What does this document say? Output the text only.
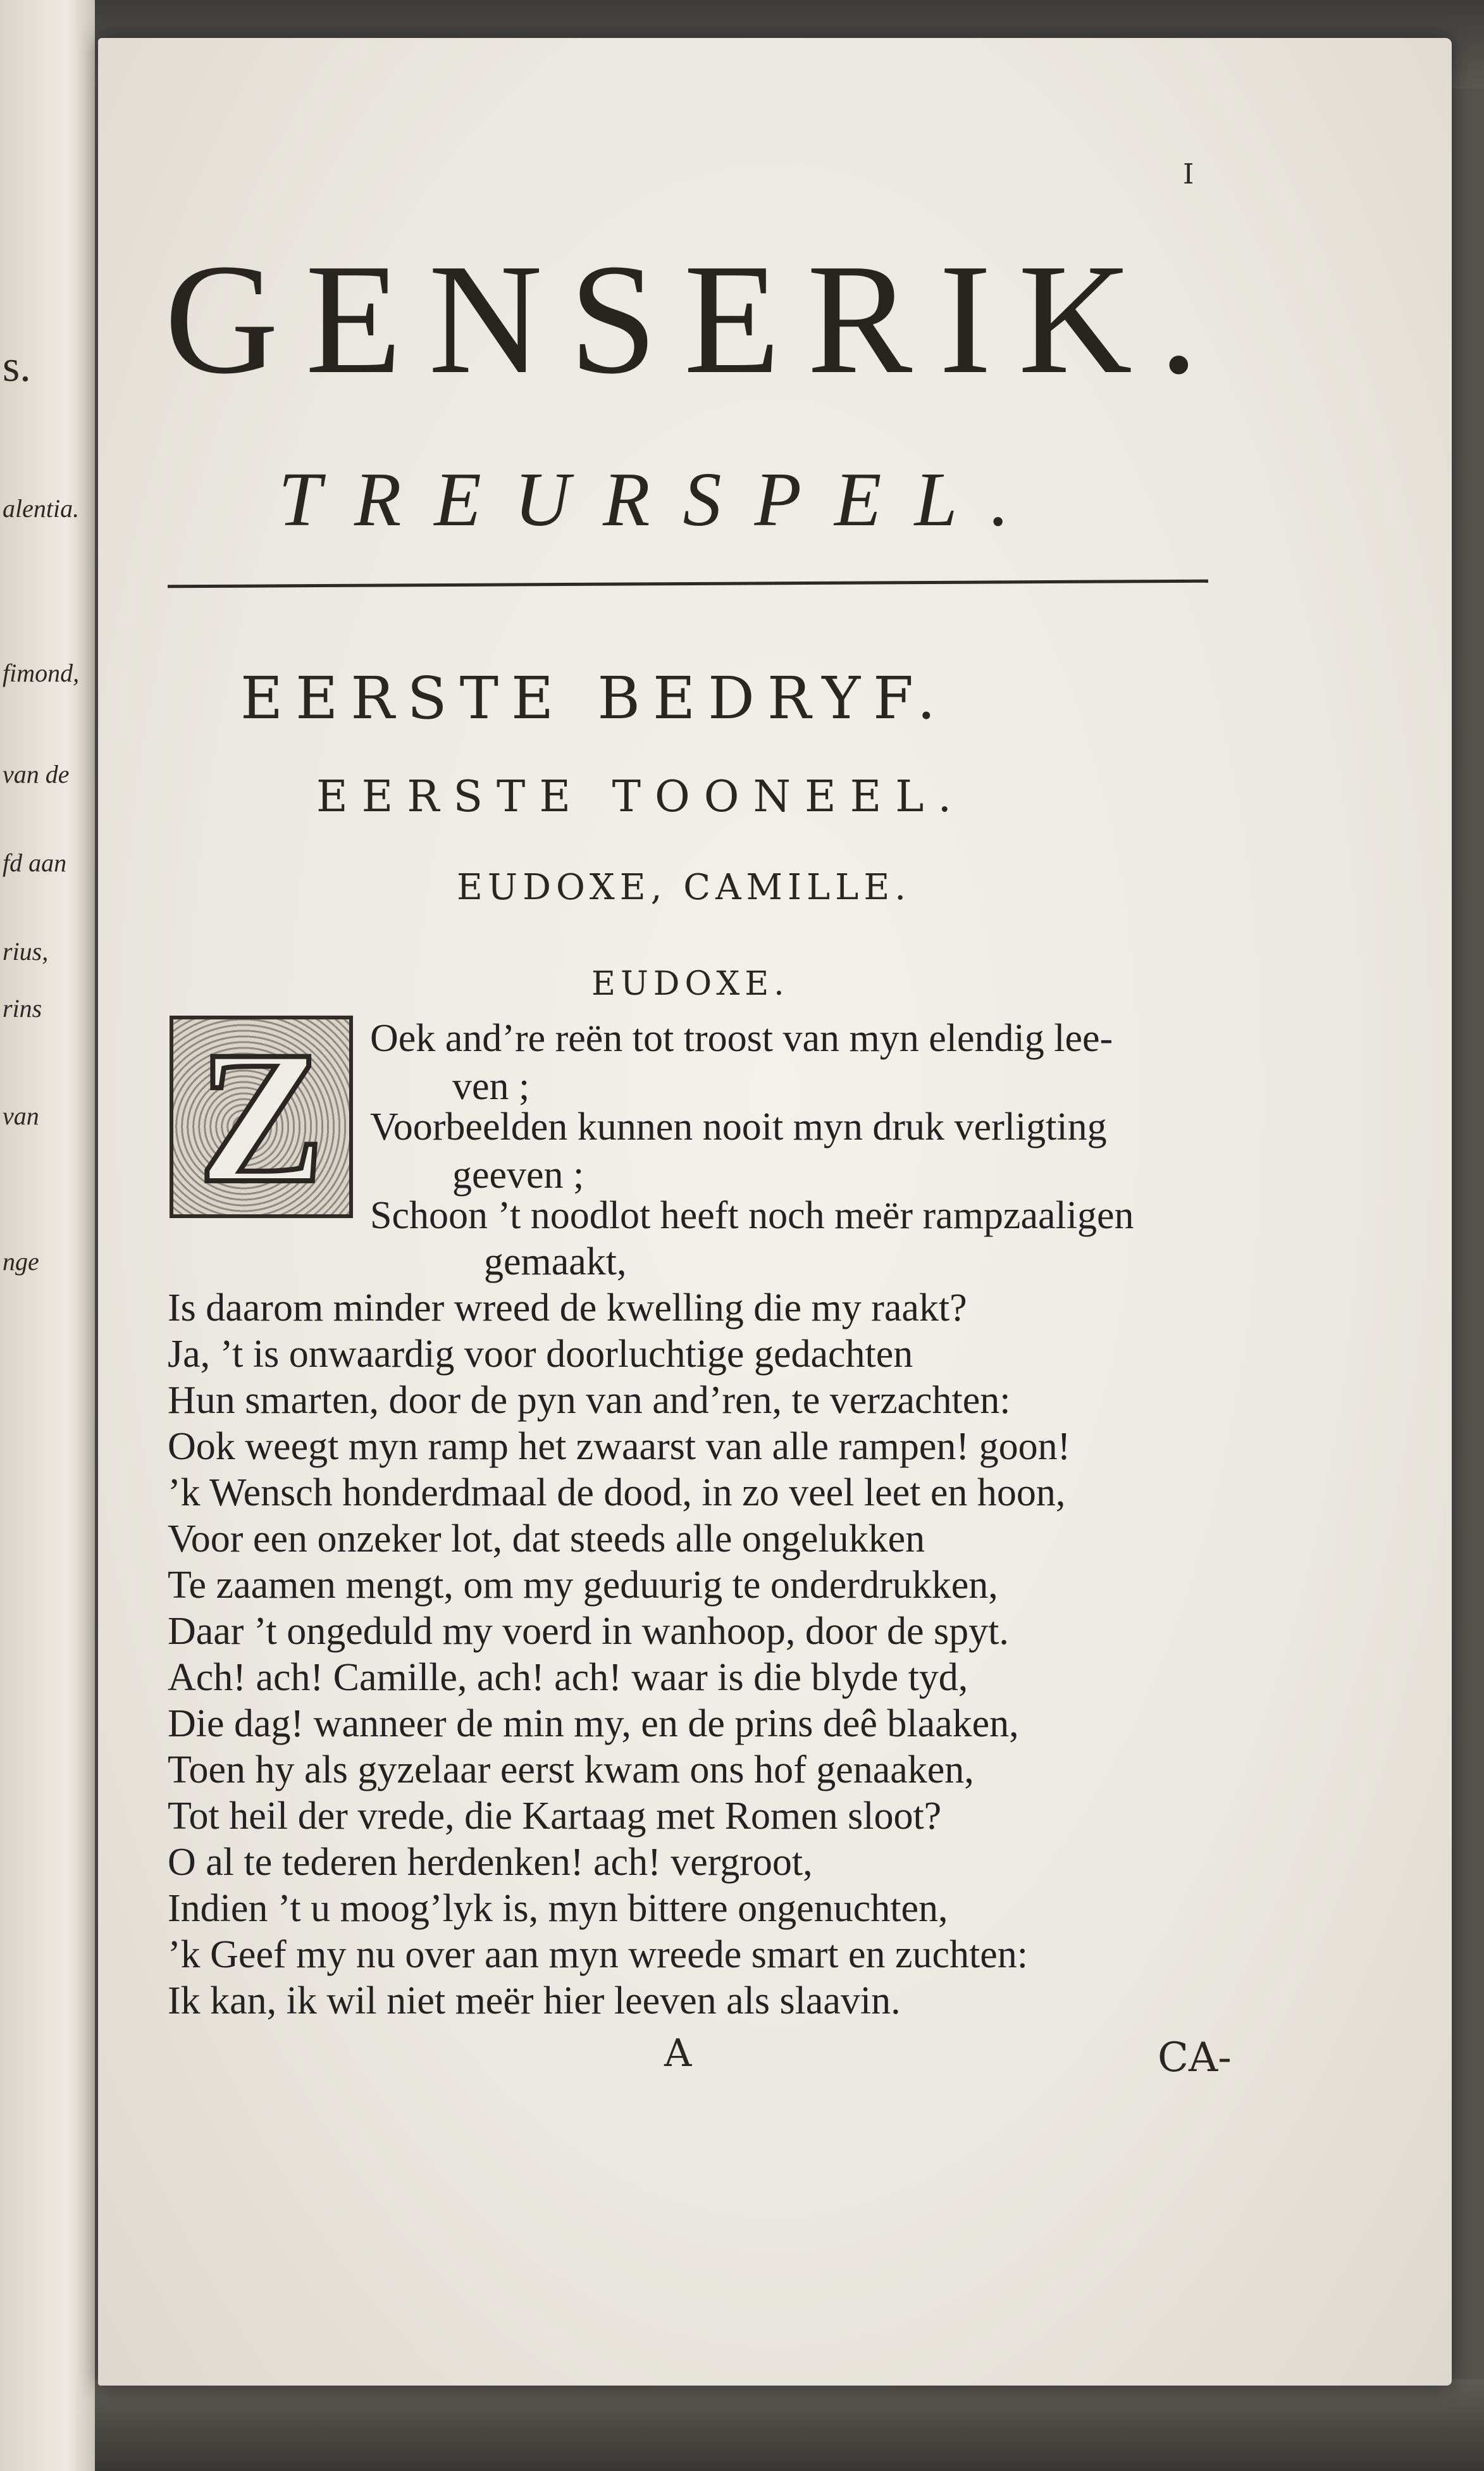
s.
alentia.
fimond,
van de
fd aan
rius,
rins
van
nge
I
GENSERIK.
TREURSPEL.
EERSTE BEDRYF.
EERSTE TOONEEL.
EUDOXE, CAMILLE.
EUDOXE.
Z	Oek and’re reën tot troost van myn elendig lee-
ven ;
Voorbeelden kunnen nooit myn druk verligting
geeven ;
Schoon ’t noodlot heeft noch meër rampzaaligen
gemaakt,
Is daarom minder wreed de kwelling die my raakt?
Ja, ’t is onwaardig voor doorluchtige gedachten
Hun smarten, door de pyn van and’ren, te verzachten:
Ook weegt myn ramp het zwaarst van alle rampen! goon!
’k Wensch honderdmaal de dood, in zo veel leet en hoon,
Voor een onzeker lot, dat steeds alle ongelukken
Te zaamen mengt, om my geduurig te onderdrukken,
Daar ’t ongeduld my voerd in wanhoop, door de spyt.
Ach! ach! Camille, ach! ach! waar is die blyde tyd,
Die dag! wanneer de min my, en de prins deê blaaken,
Toen hy als gyzelaar eerst kwam ons hof genaaken,
Tot heil der vrede, die Kartaag met Romen sloot?
O al te tederen herdenken! ach! vergroot,
Indien ’t u moog’lyk is, myn bittere ongenuchten,
’k Geef my nu over aan myn wreede smart en zuchten:
Ik kan, ik wil niet meër hier leeven als slaavin.
A	CA-
